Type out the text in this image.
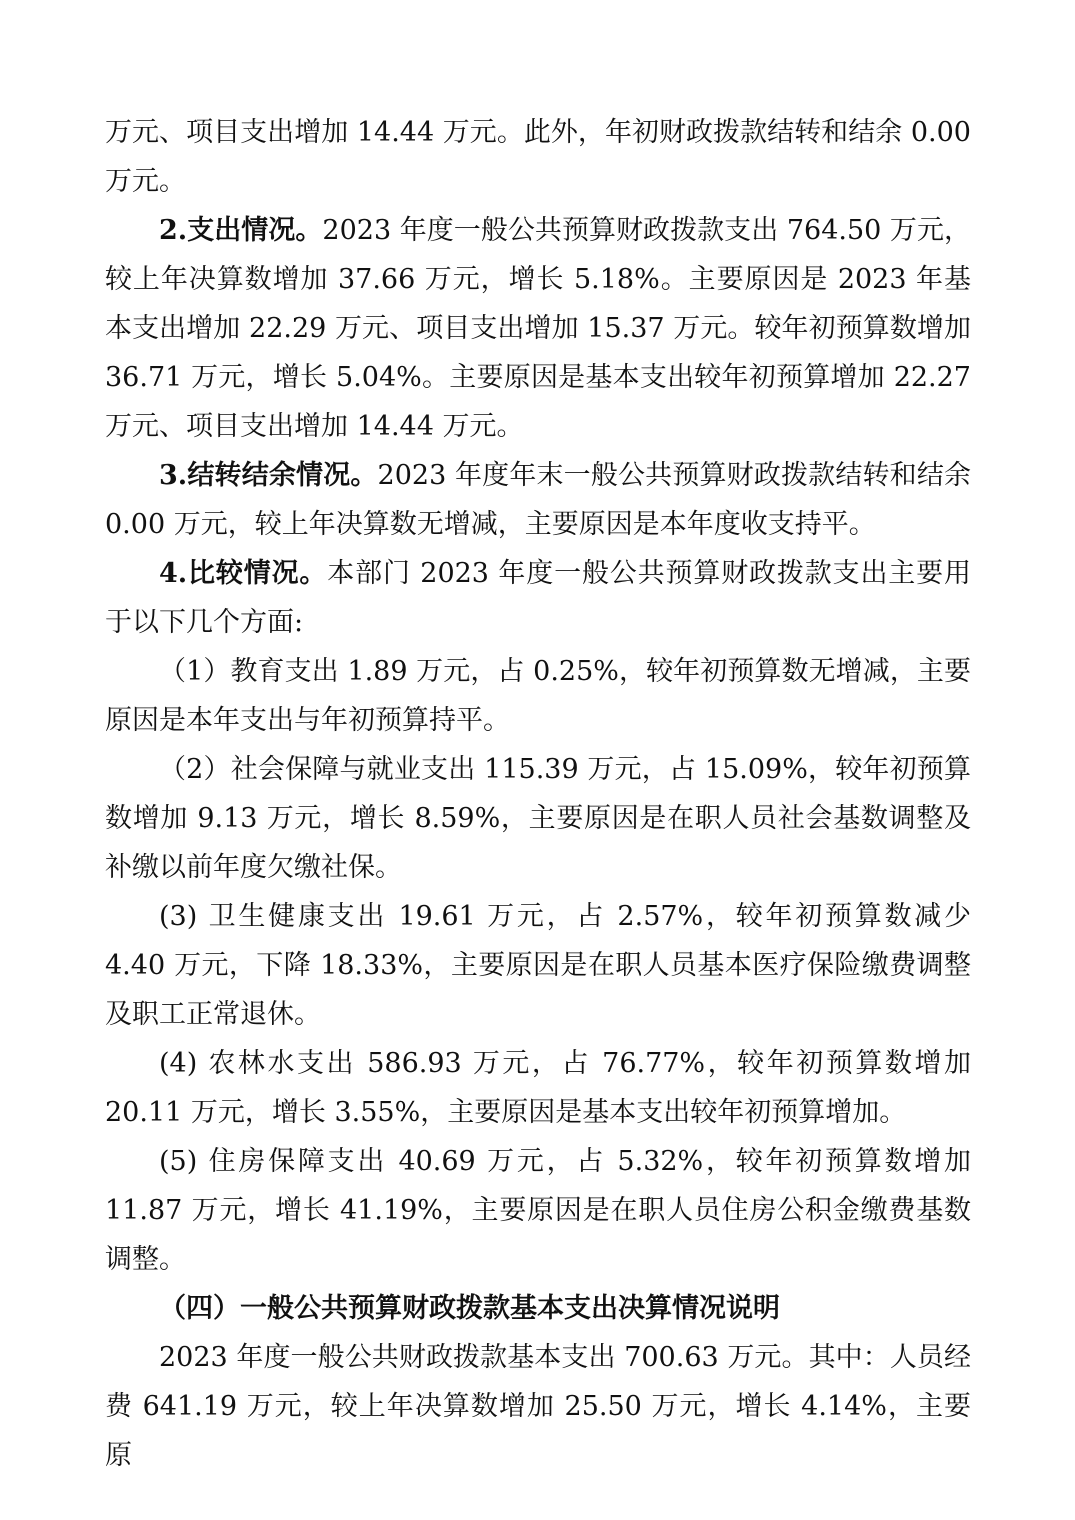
万元、项目支出增加 14.44 万元。此外，年初财政拨款结转和结余 0.00 万元。

2.支出情况。2023 年度一般公共预算财政拨款支出 764.50 万元，较上年决算数增加 37.66 万元，增长 5.18%。主要原因是 2023 年基本支出增加 22.29 万元、项目支出增加 15.37 万元。较年初预算数增加 36.71 万元，增长 5.04%。主要原因是基本支出较年初预算增加 22.27 万元、项目支出增加 14.44 万元。

3.结转结余情况。2023 年度年末一般公共预算财政拨款结转和结余 0.00 万元，较上年决算数无增减，主要原因是本年度收支持平。

4.比较情况。本部门 2023 年度一般公共预算财政拨款支出主要用于以下几个方面:

（1）教育支出 1.89 万元，占 0.25%，较年初预算数无增减，主要原因是本年支出与年初预算持平。

（2）社会保障与就业支出 115.39 万元，占 15.09%，较年初预算数增加 9.13 万元，增长 8.59%，主要原因是在职人员社会基数调整及补缴以前年度欠缴社保。

(3) 卫生健康支出 19.61 万元，占 2.57%，较年初预算数减少 4.40 万元，下降 18.33%，主要原因是在职人员基本医疗保险缴费调整及职工正常退休。

(4) 农林水支出 586.93 万元，占 76.77%，较年初预算数增加 20.11 万元，增长 3.55%，主要原因是基本支出较年初预算增加。

(5) 住房保障支出 40.69 万元，占 5.32%，较年初预算数增加 11.87 万元，增长 41.19%，主要原因是在职人员住房公积金缴费基数调整。

（四）一般公共预算财政拨款基本支出决算情况说明

2023 年度一般公共财政拨款基本支出 700.63 万元。其中：人员经费 641.19 万元，较上年决算数增加 25.50 万元，增长 4.14%，主要原
